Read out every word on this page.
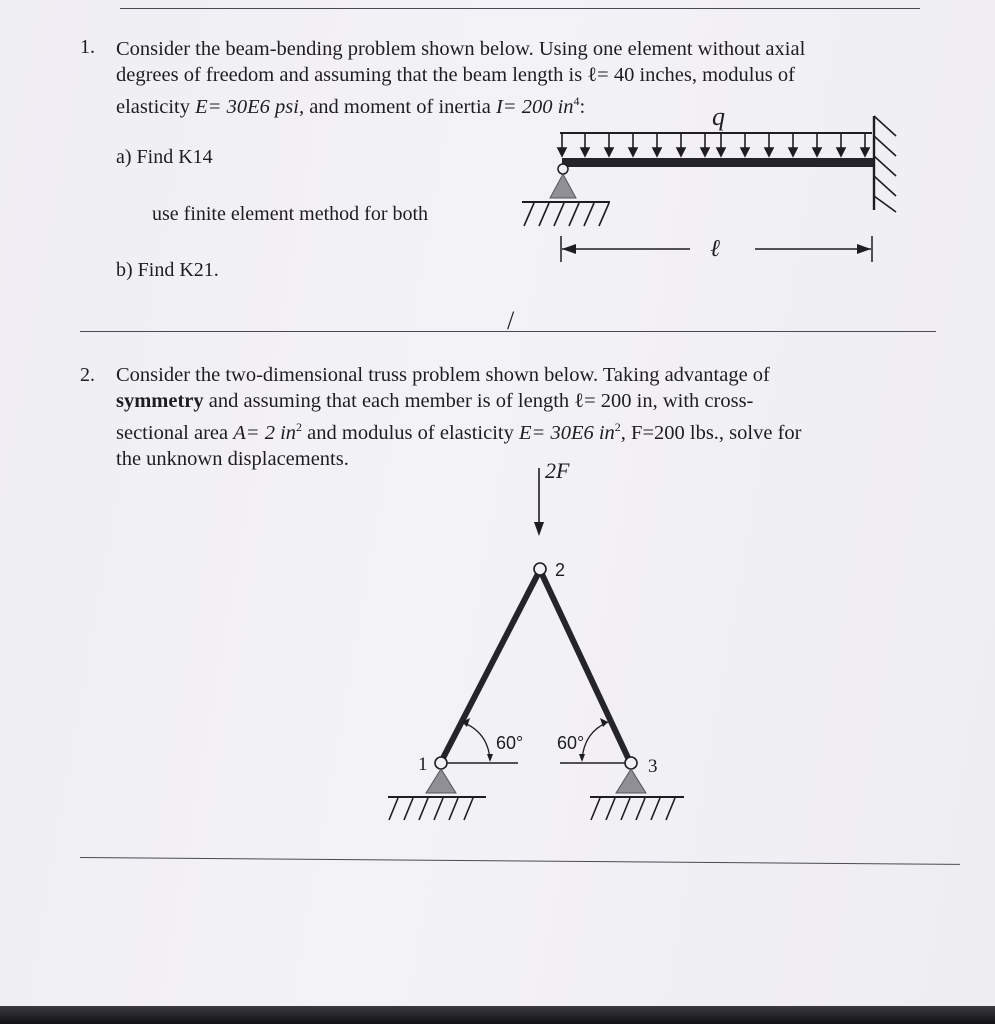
1. Consider the beam-bending problem shown below. Using one element without axial
degrees of freedom and assuming that the beam length is ℓ= 40 inches, modulus of
elasticity E= 30E6 psi, and moment of inertia I= 200 $in^4$:
a) Find K14
use finite element method for both
b) Find K21.
q
ℓ
/
2. Consider the two-dimensional truss problem shown below. Taking advantage of
symmetry and assuming that each member is of length ℓ= 200 in, with cross-
sectional area A= 2 $in^2$ and modulus of elasticity E= 30E6 $in^2$, F=200 lbs., solve for
the unknown displacements.	2F
2
1	3
60° 60°
